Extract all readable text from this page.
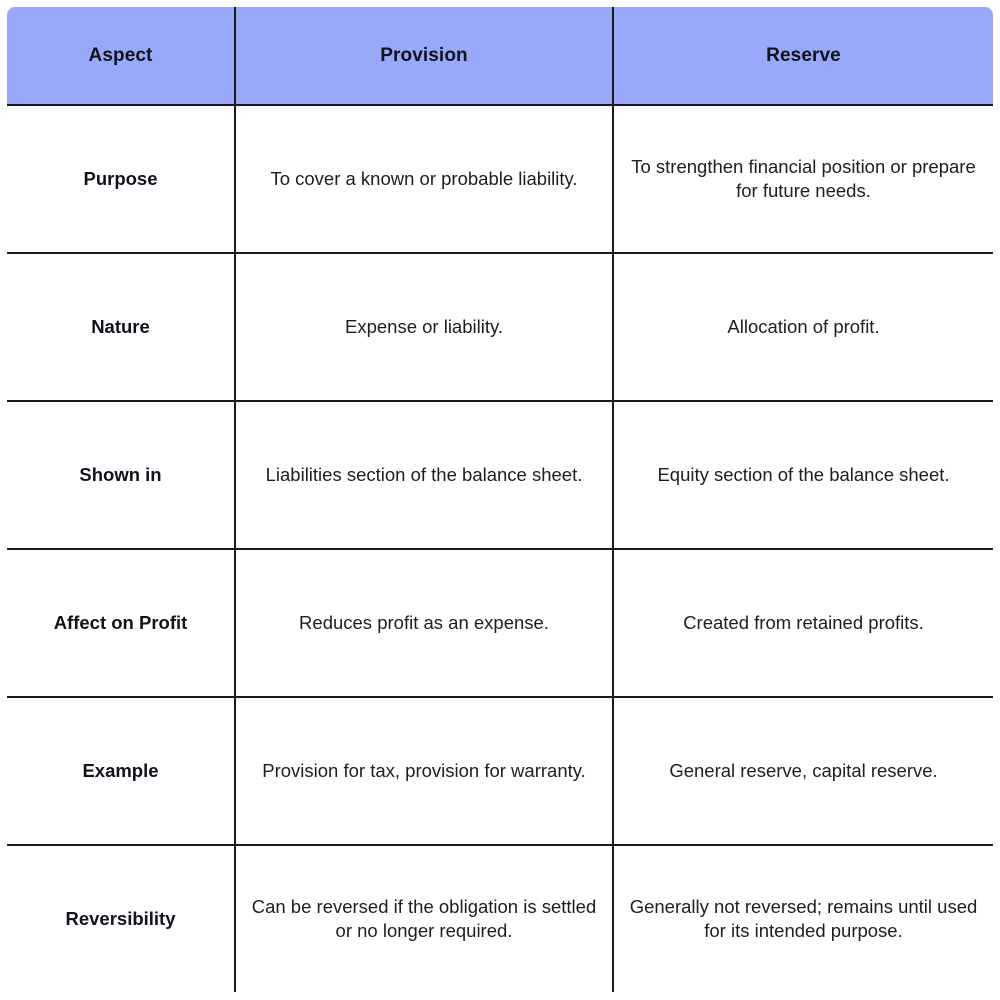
Aspect	Provision	Reserve
Purpose	To cover a known or probable liability.	To strengthen financial position or prepare for future needs.
Nature	Expense or liability.	Allocation of profit.
Shown in	Liabilities section of the balance sheet.	Equity section of the balance sheet.
Affect on Profit	Reduces profit as an expense.	Created from retained profits.
Example	Provision for tax, provision for warranty.	General reserve, capital reserve.
Reversibility	Can be reversed if the obligation is settled or no longer required.	Generally not reversed; remains until used for its intended purpose.
